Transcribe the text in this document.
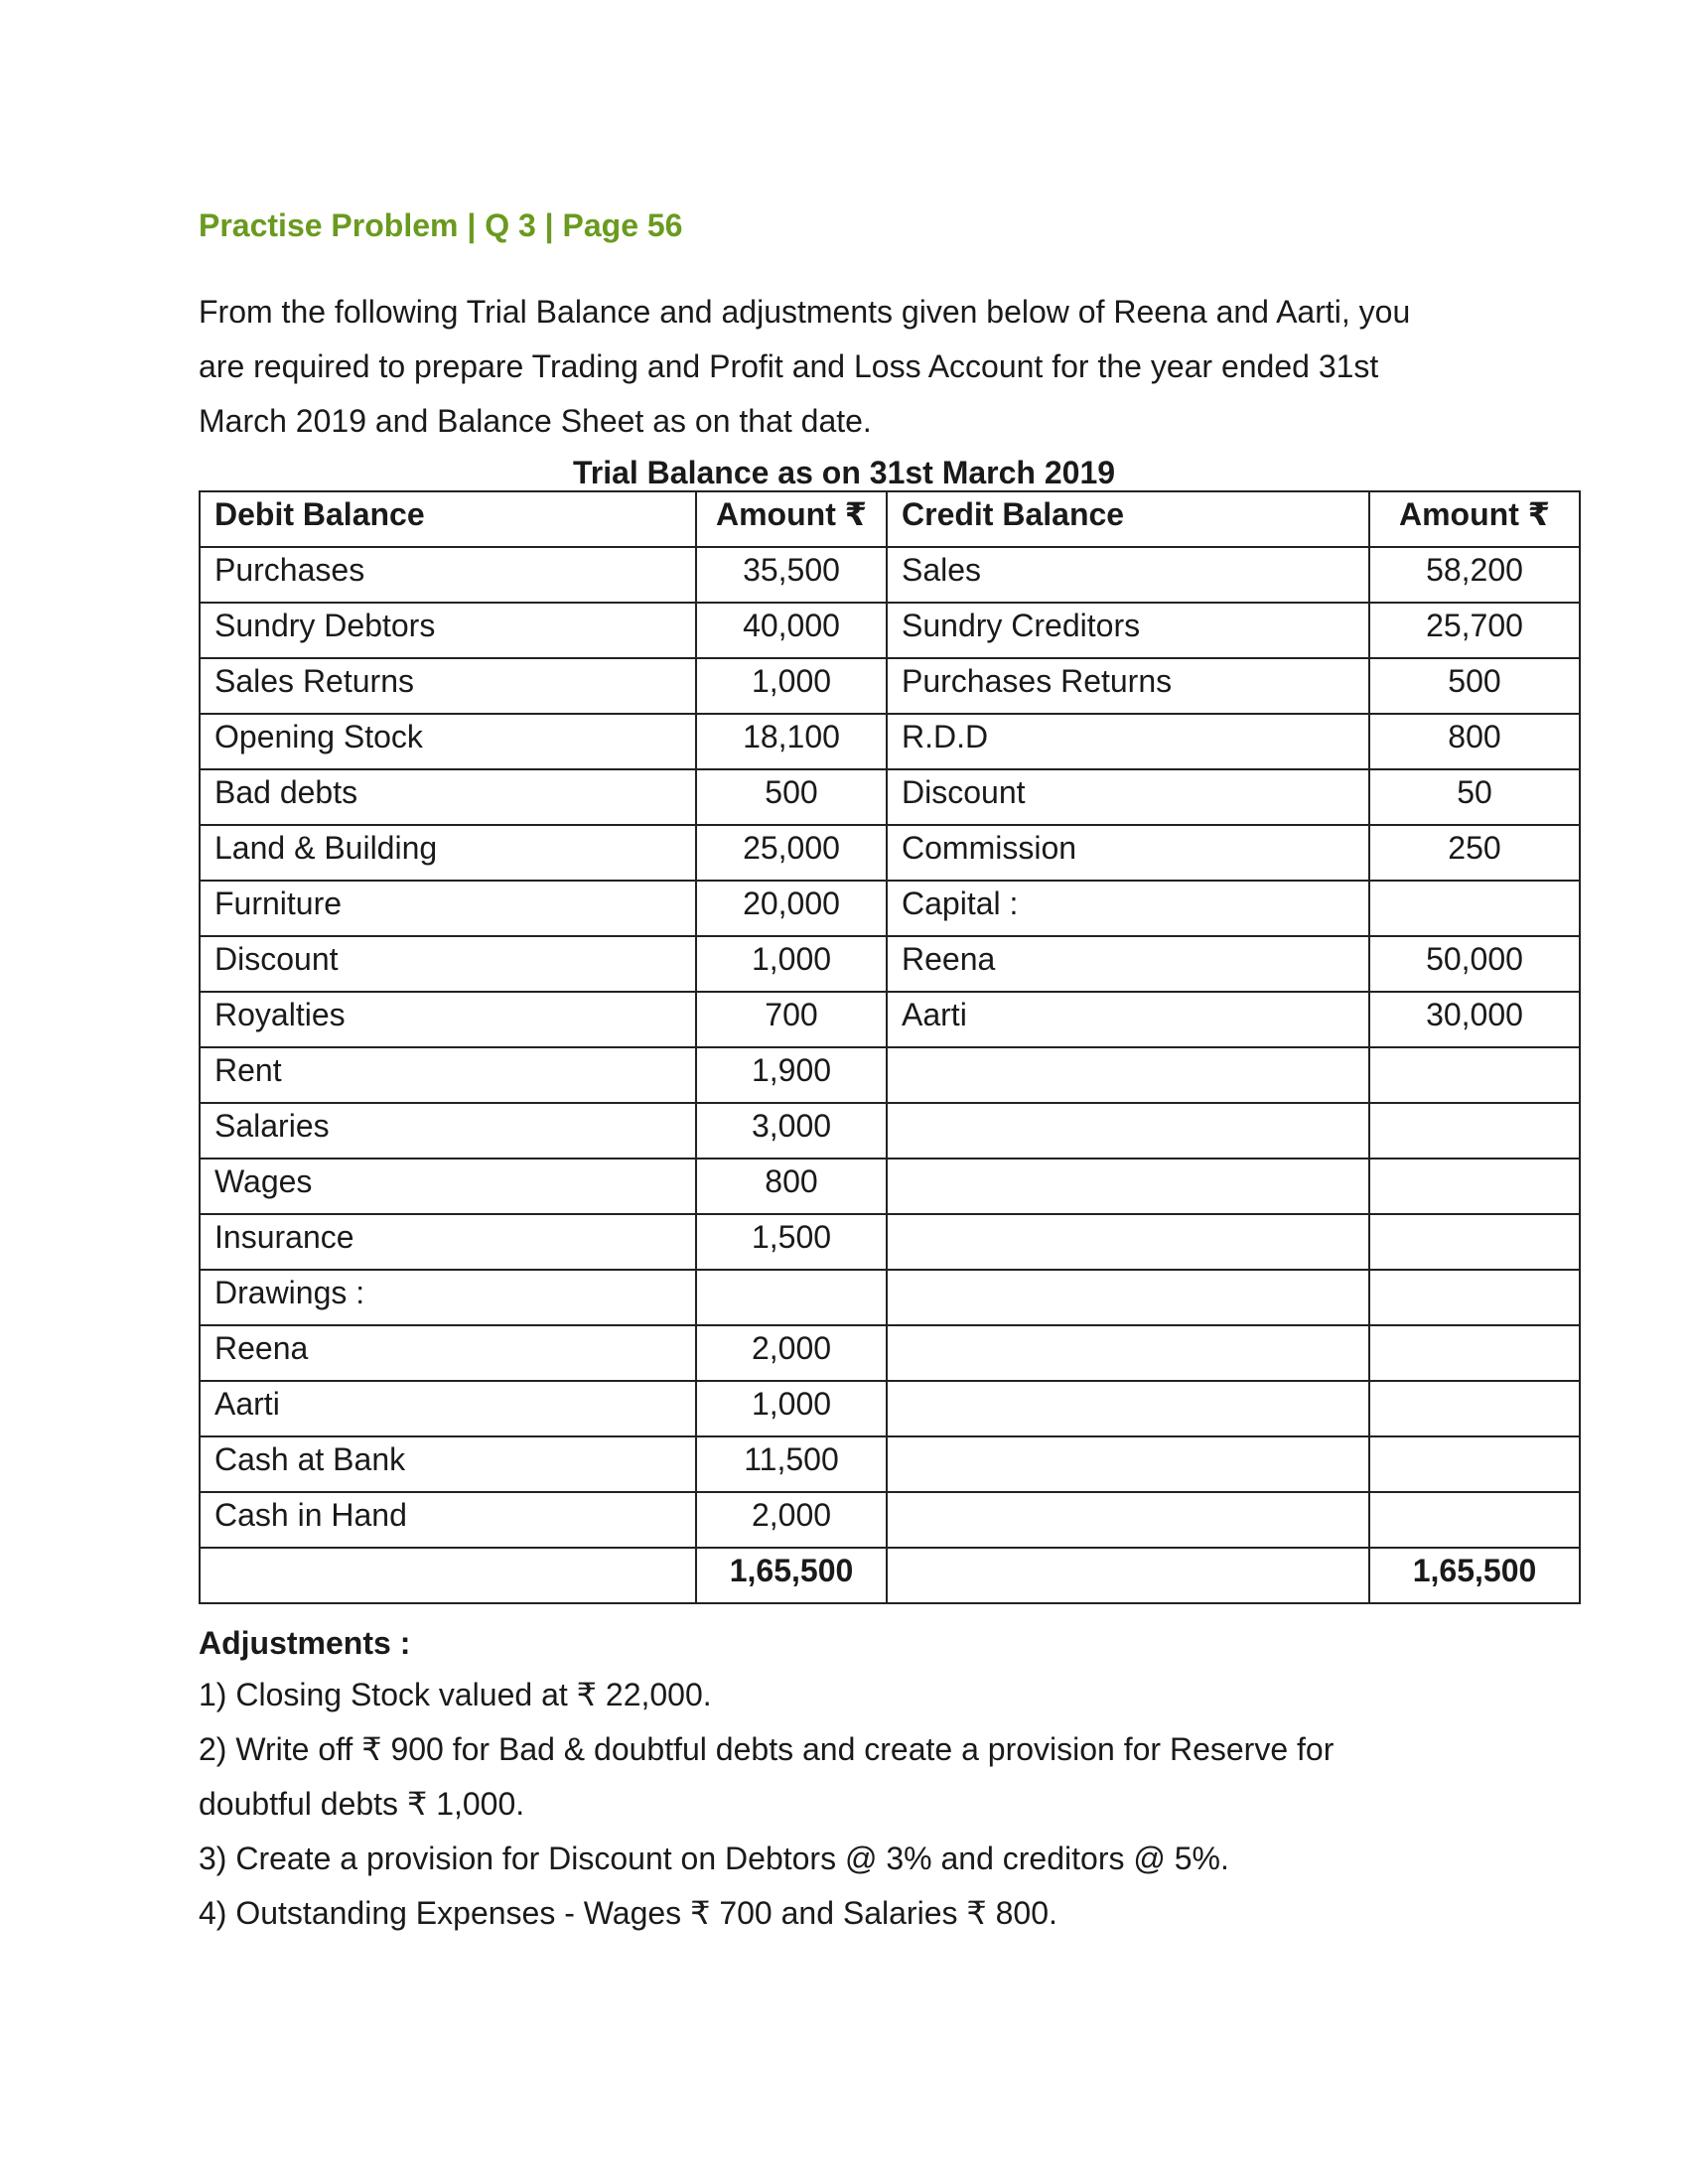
Practise Problem | Q 3 | Page 56

From the following Trial Balance and adjustments given below of Reena and Aarti, you
are required to prepare Trading and Profit and Loss Account for the year ended 31st
March 2019 and Balance Sheet as on that date.

Trial Balance as on 31st March 2019
Debit Balance	Amount ₹	Credit Balance	Amount ₹
Purchases	35,500	Sales	58,200
Sundry Debtors	40,000	Sundry Creditors	25,700
Sales Returns	1,000	Purchases Returns	500
Opening Stock	18,100	R.D.D	800
Bad debts	500	Discount	50
Land & Building	25,000	Commission	250
Furniture	20,000	Capital :	
Discount	1,000	Reena	50,000
Royalties	700	Aarti	30,000
Rent	1,900		
Salaries	3,000		
Wages	800		
Insurance	1,500		
Drawings :			
Reena	2,000		
Aarti	1,000		
Cash at Bank	11,500		
Cash in Hand	2,000		
	1,65,500		1,65,500
Adjustments :

1) Closing Stock valued at ₹ 22,000.

2) Write off ₹ 900 for Bad & doubtful debts and create a provision for Reserve for doubtful debts ₹ 1,000.

3) Create a provision for Discount on Debtors @ 3% and creditors @ 5%.

4) Outstanding Expenses - Wages ₹ 700 and Salaries ₹ 800.
